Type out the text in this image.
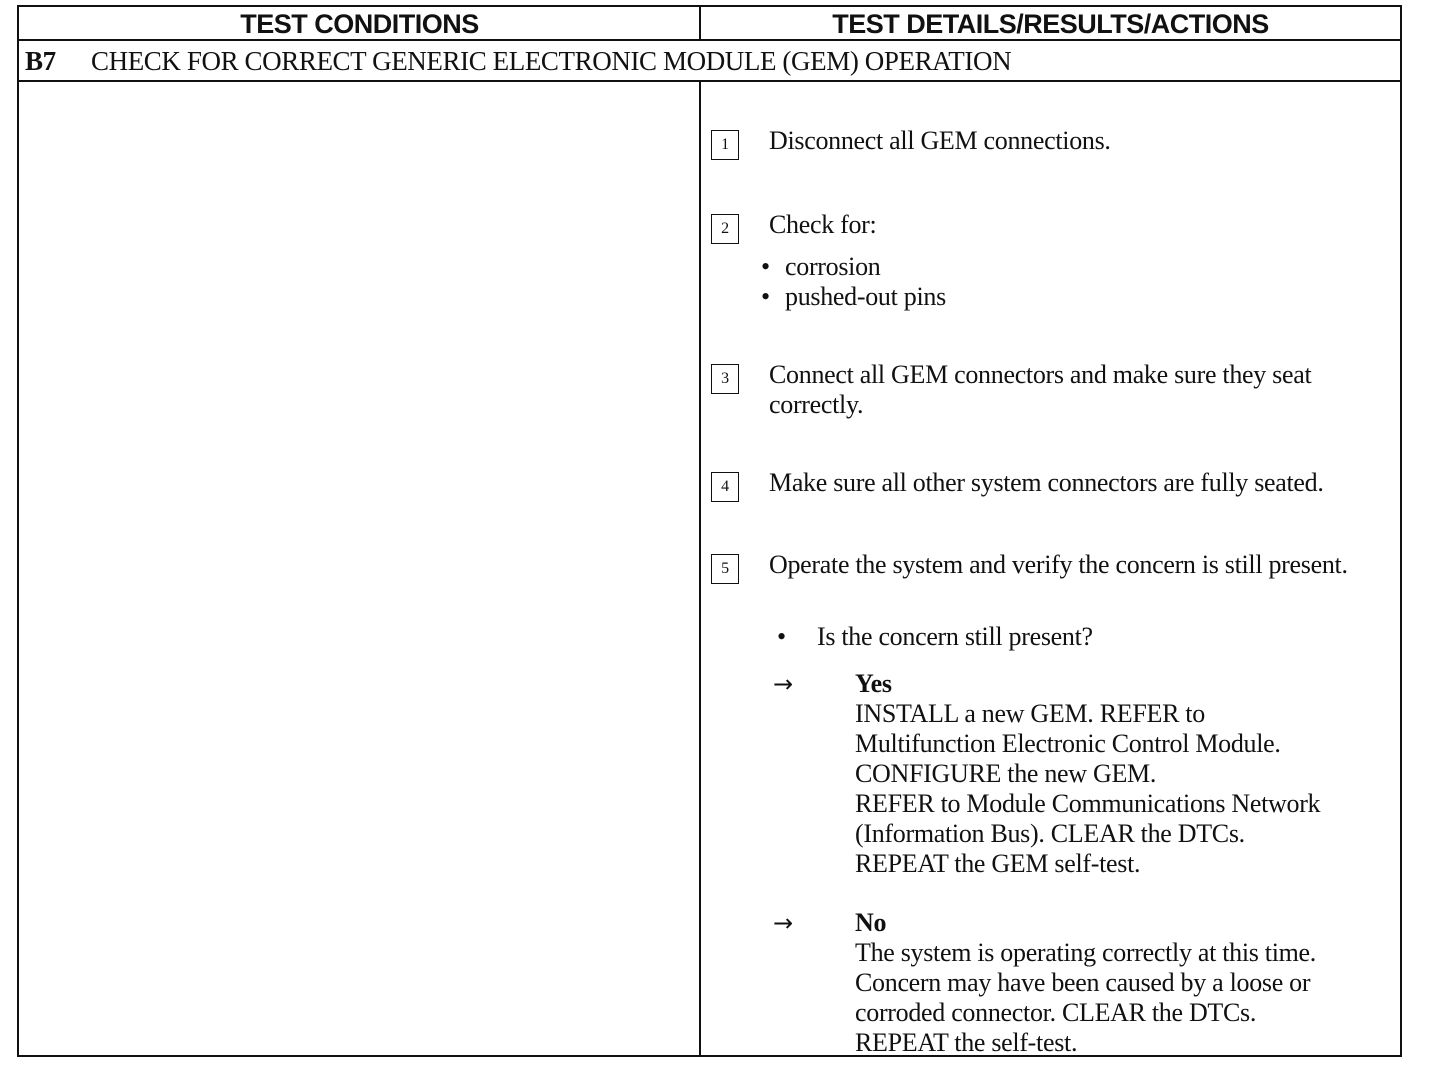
TEST CONDITIONS	TEST DETAILS/RESULTS/ACTIONS
B7 CHECK FOR CORRECT GENERIC ELECTRONIC MODULE (GEM) OPERATION
1	Disconnect all GEM connections.
2	Check for:
• corrosion
• pushed-out pins
3	Connect all GEM connectors and make sure they seat correctly.
4	Make sure all other system connectors are fully seated.
5	Operate the system and verify the concern is still present.
• Is the concern still present?
→ Yes
INSTALL a new GEM. REFER to
Multifunction Electronic Control Module.
CONFIGURE the new GEM.
REFER to Module Communications Network
(Information Bus). CLEAR the DTCs.
REPEAT the GEM self-test.
→ No
The system is operating correctly at this time.
Concern may have been caused by a loose or
corroded connector. CLEAR the DTCs.
REPEAT the self-test.
